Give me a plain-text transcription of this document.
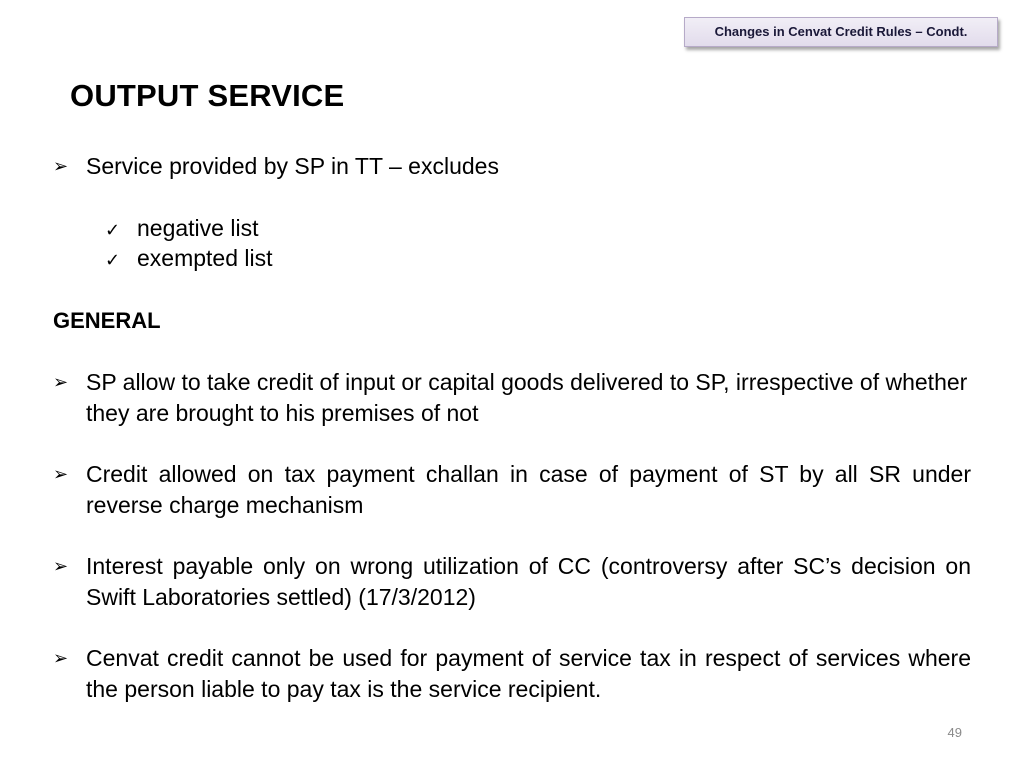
Changes in Cenvat Credit Rules – Condt.
OUTPUT SERVICE
➢ Service provided by SP in TT – excludes
✓ negative list
✓ exempted list
GENERAL
➢ SP allow to take credit of input or capital goods delivered to SP, irrespective of whether they are brought to his premises of not
➢ Credit allowed on tax payment challan in case of payment of ST by all SR under reverse charge mechanism
➢ Interest payable only on wrong utilization of CC (controversy after SC’s decision on Swift Laboratories settled) (17/3/2012)
➢ Cenvat credit cannot be used for payment of service tax in respect of services where the person liable to pay tax is the service recipient.
49
